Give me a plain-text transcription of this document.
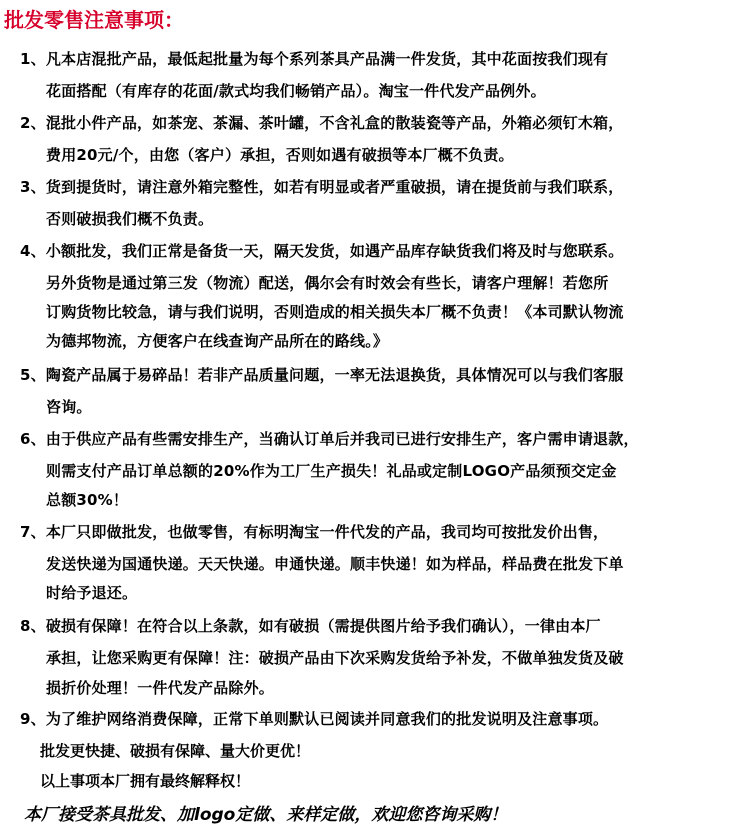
批发零售注意事项：
1、凡本店混批产品，最低起批量为每个系列茶具产品满一件发货，其中花面按我们现有
花面搭配（有库存的花面/款式均我们畅销产品）。淘宝一件代发产品例外。
2、混批小件产品，如茶宠、茶漏、茶叶罐，不含礼盒的散装瓷等产品，外箱必须钉木箱，
费用20元/个，由您（客户）承担，否则如遇有破损等本厂概不负责。
3、货到提货时，请注意外箱完整性，如若有明显或者严重破损，请在提货前与我们联系，
否则破损我们概不负责。
4、小额批发，我们正常是备货一天，隔天发货，如遇产品库存缺货我们将及时与您联系。
另外货物是通过第三发（物流）配送，偶尔会有时效会有些长，请客户理解！若您所
订购货物比较急，请与我们说明，否则造成的相关损失本厂概不负责！《本司默认物流
为德邦物流，方便客户在线查询产品所在的路线。》
5、陶瓷产品属于易碎品！若非产品质量问题，一率无法退换货，具体情况可以与我们客服
咨询。
6、由于供应产品有些需安排生产，当确认订单后并我司已进行安排生产，客户需申请退款，
则需支付产品订单总额的20%作为工厂生产损失！礼品或定制LOGO产品须预交定金
总额30%！
7、本厂只即做批发，也做零售，有标明淘宝一件代发的产品，我司均可按批发价出售，
发送快递为国通快递。天天快递。申通快递。顺丰快递！如为样品，样品费在批发下单
时给予退还。
8、破损有保障！在符合以上条款，如有破损（需提供图片给予我们确认），一律由本厂
承担，让您采购更有保障！注：破损产品由下次采购发货给予补发，不做单独发货及破
损折价处理！一件代发产品除外。
9、为了维护网络消费保障，正常下单则默认已阅读并同意我们的批发说明及注意事项。
批发更快捷、破损有保障、量大价更优！
以上事项本厂拥有最终解释权！
本厂接受茶具批发、加logo定做、来样定做，欢迎您咨询采购！
